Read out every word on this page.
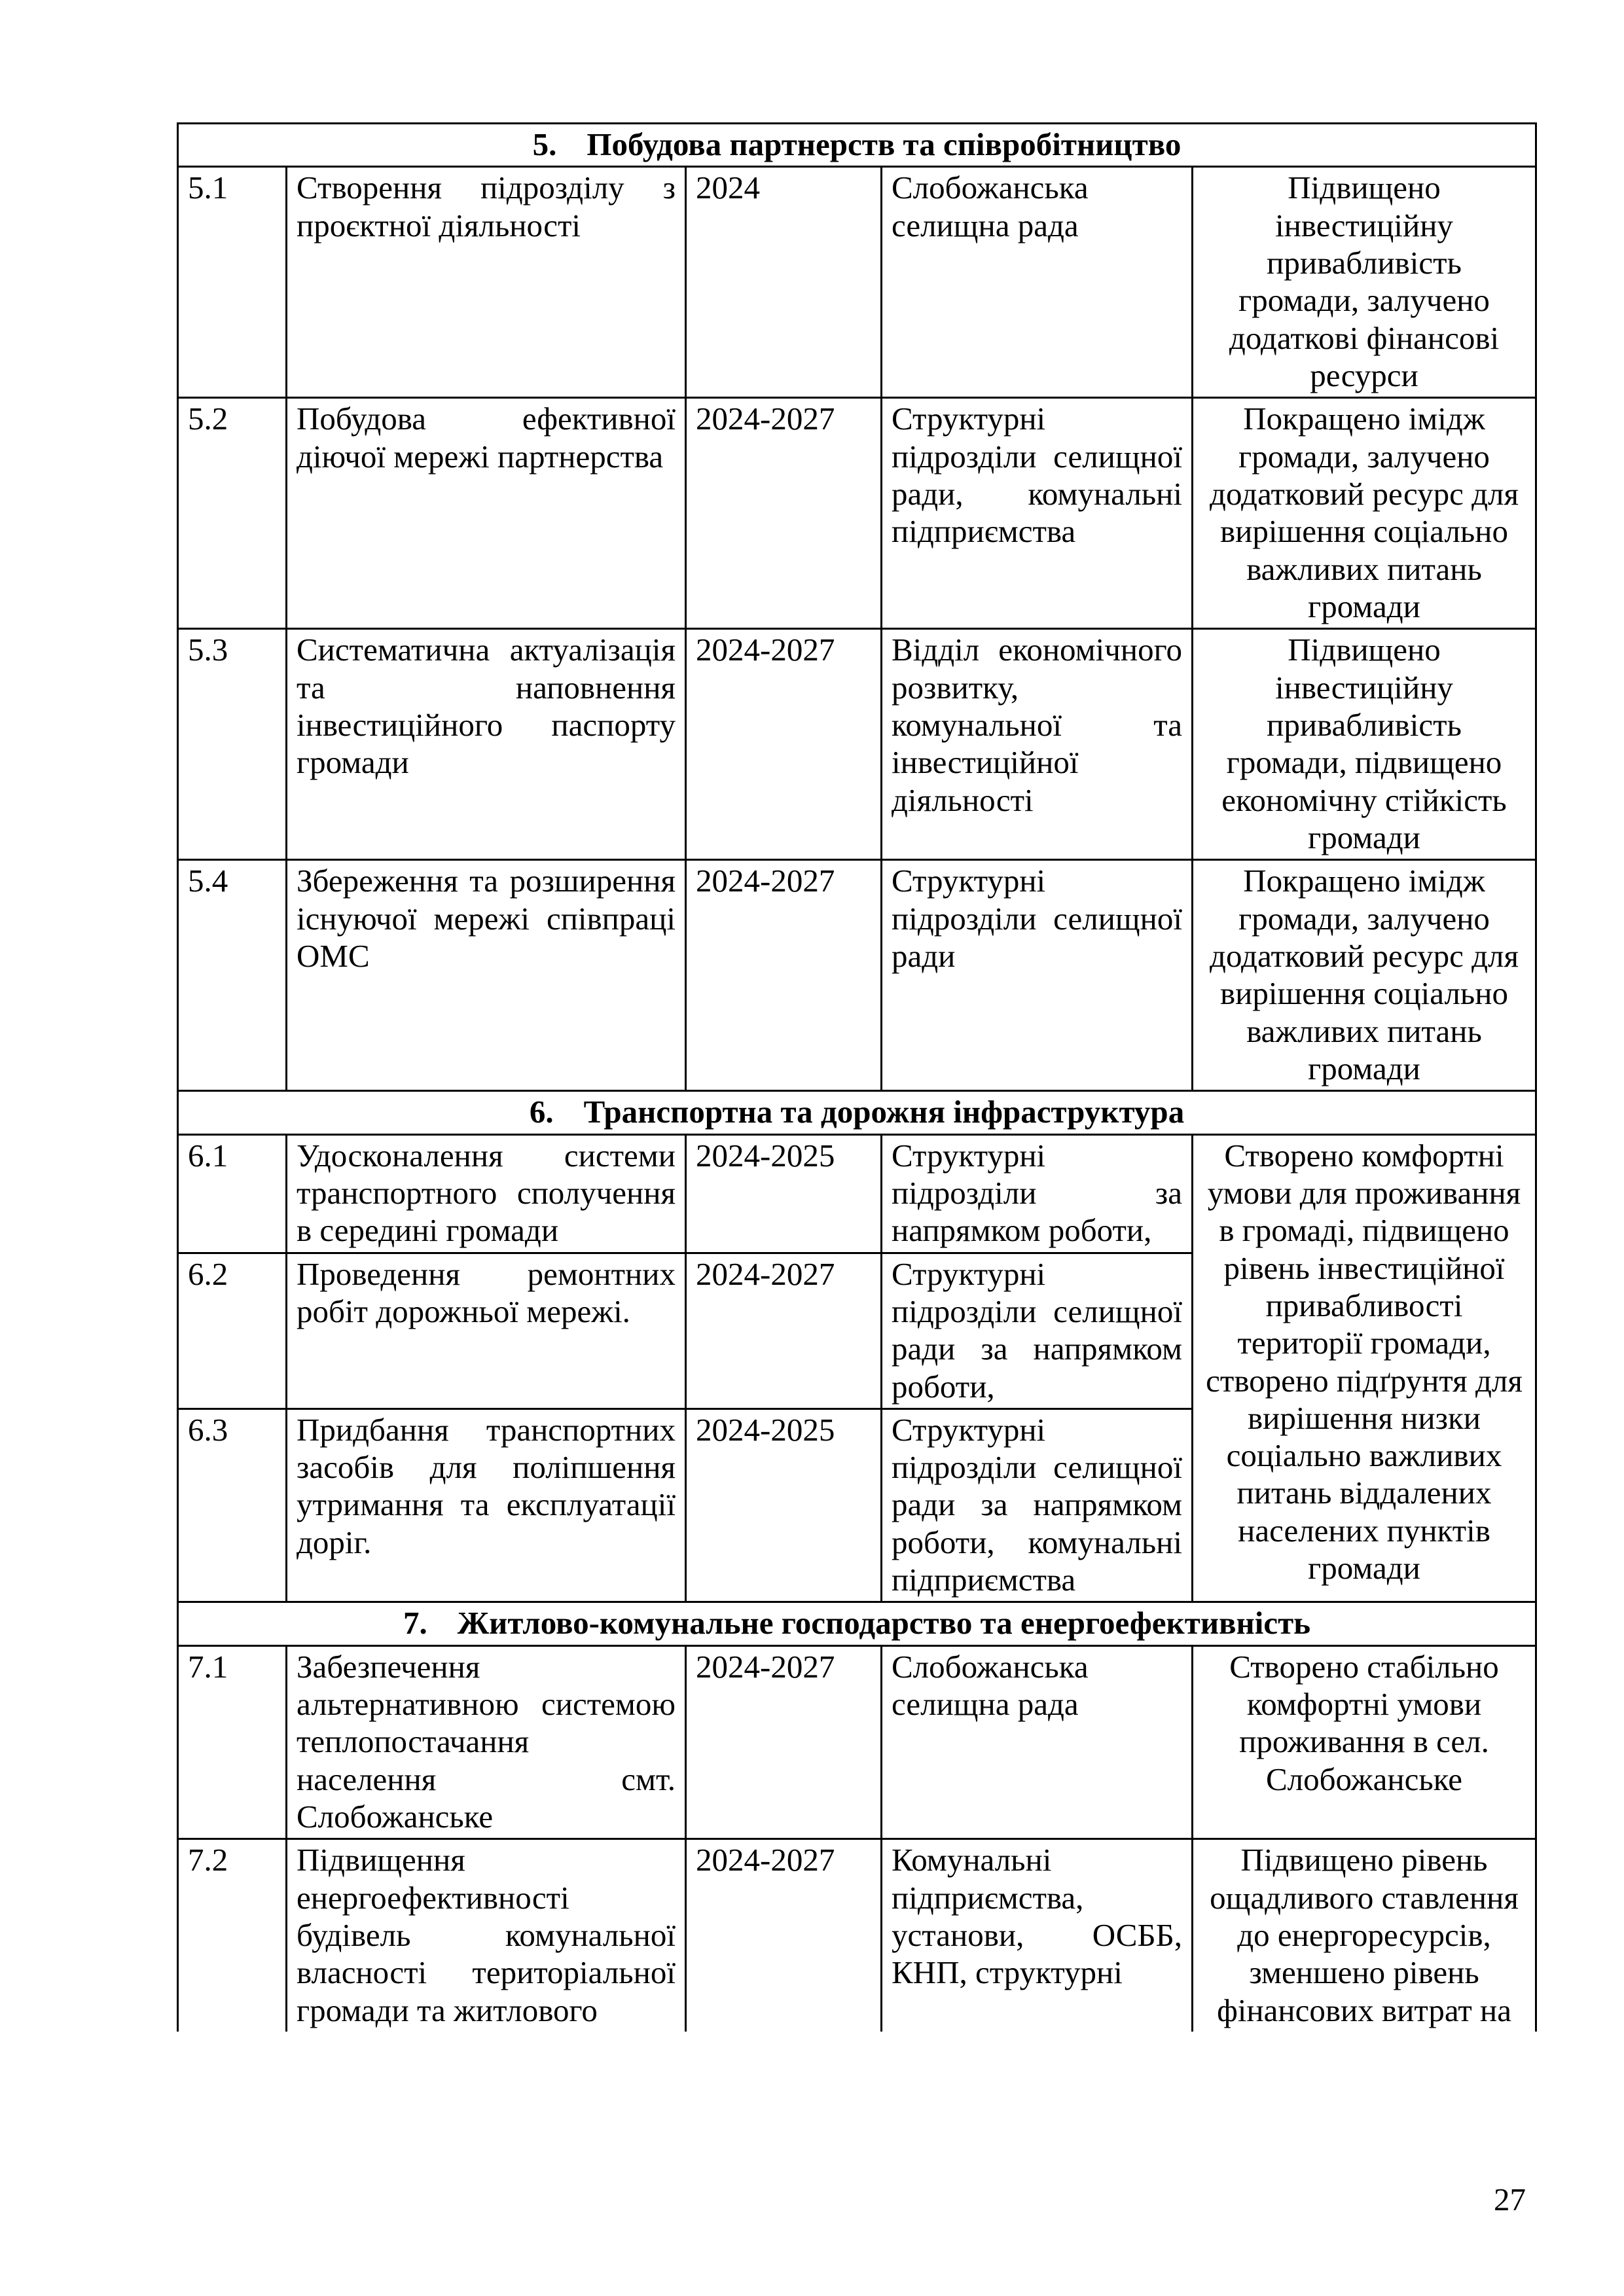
5. Побудова партнерств та співробітництво				
5.1	Створення підрозділу з проєктної діяльності	2024	Слобожанська селищна рада	Підвищено інвестиційну привабливість громади, залучено додаткові фінансові ресурси
5.2	Побудова ефективної діючої мережі партнерства	2024-2027	Структурні підрозділи селищної ради, комунальні підприємства	Покращено імідж громади, залучено додатковий ресурс для вирішення соціально важливих питань громади
5.3	Систематична актуалізація та наповнення інвестиційного паспорту громади	2024-2027	Відділ економічного розвитку, комунальної та інвестиційної діяльності	Підвищено інвестиційну привабливість громади, підвищено економічну стійкість громади
5.4	Збереження та розширення існуючої мережі співпраці ОМС	2024-2027	Структурні підрозділи селищної ради	Покращено імідж громади, залучено додатковий ресурс для вирішення соціально важливих питань громади
6. Транспортна та дорожня інфраструктура				
6.1	Удосконалення системи транспортного сполучення в середині громади	2024-2025	Структурні підрозділи за напрямком роботи,	Створено комфортні умови для проживання в громаді, підвищено рівень інвестиційної привабливості території громади, створено підґрунтя для вирішення низки соціально важливих питань віддалених населених пунктів громади
6.2	Проведення ремонтних робіт дорожньої мережі.	2024-2027	Структурні підрозділи селищної ради за напрямком роботи,	
6.3	Придбання транспортних засобів для поліпшення утримання та експлуатації доріг.	2024-2025	Структурні підрозділи селищної ради за напрямком роботи, комунальні підприємства	
7. Житлово-комунальне господарство та енергоефективність				
7.1	Забезпечення альтернативною системою теплопостачання населення смт. Слобожанське	2024-2027	Слобожанська селищна рада	Створено стабільно комфортні умови проживання в сел. Слобожанське
7.2	Підвищення енергоефективності будівель комунальної власності територіальної громади та житлового	2024-2027	Комунальні підприємства, установи, ОСББ, КНП, структурні	Підвищено рівень ощадливого ставлення до енергоресурсів, зменшено рівень фінансових витрат на
27
